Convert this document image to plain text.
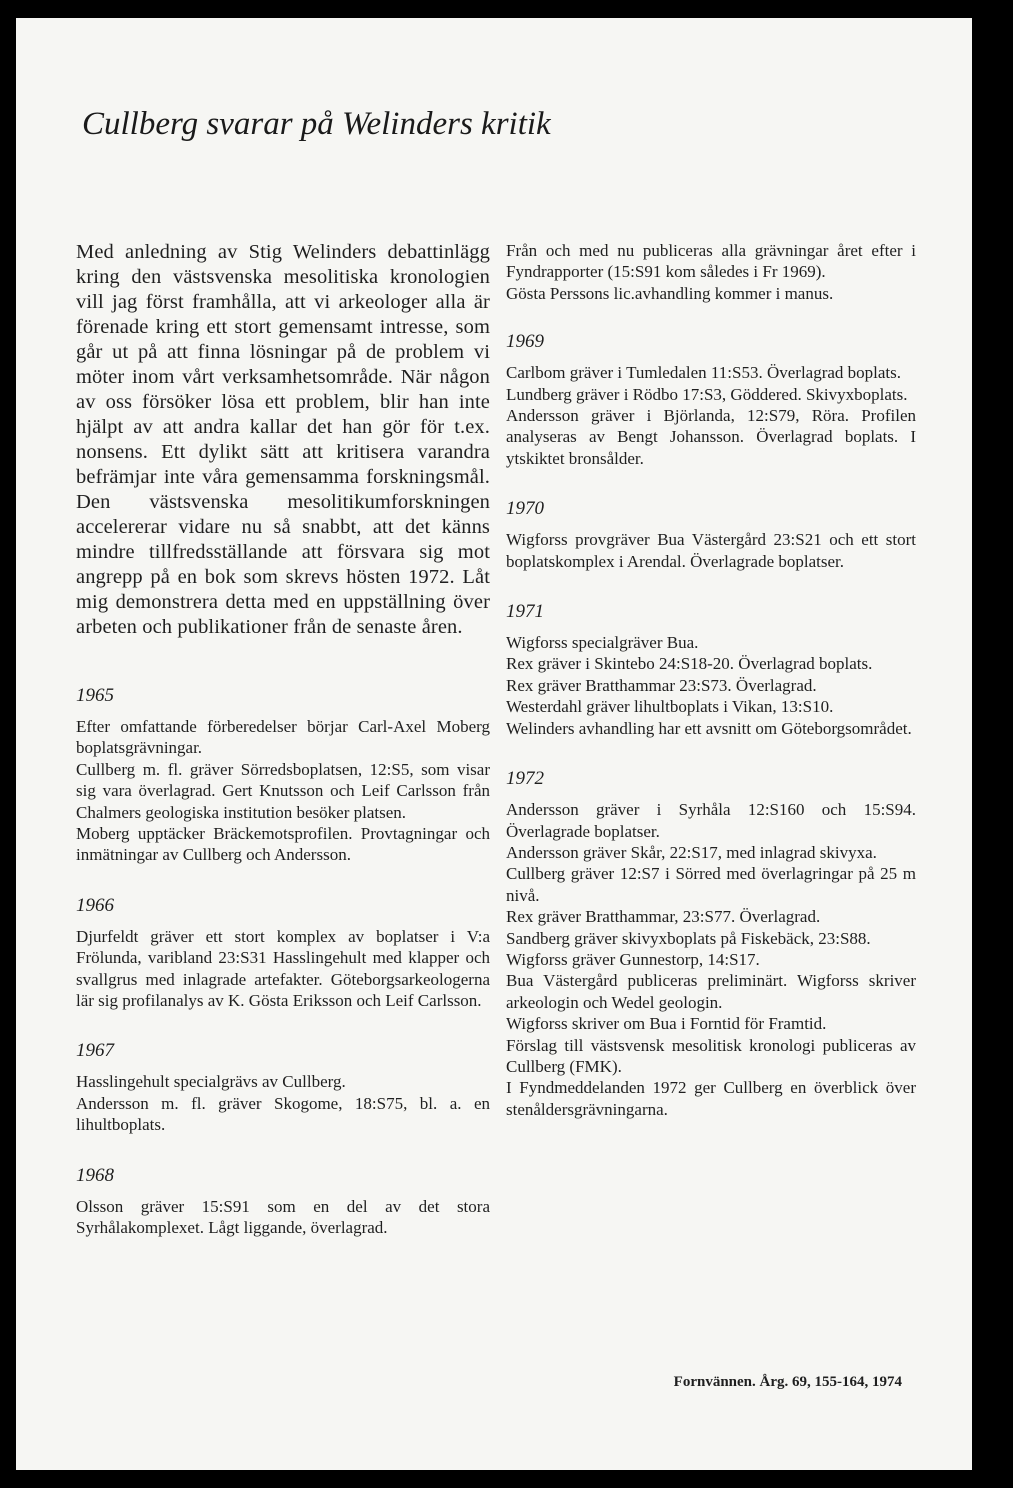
Cullberg svarar på Welinders kritik

Med anledning av Stig Welinders debattinlägg kring den västsvenska mesolitiska kronologien vill jag först framhålla, att vi arkeologer alla är förenade kring ett stort gemensamt intresse, som går ut på att finna lösningar på de problem vi möter inom vårt verksamhetsområde. När någon av oss försöker lösa ett problem, blir han inte hjälpt av att andra kallar det han gör för t.ex. nonsens. Ett dylikt sätt att kritisera varandra befrämjar inte våra gemensamma forskningsmål. Den västsvenska mesolitikumforskningen accelererar vidare nu så snabbt, att det känns mindre tillfredsställande att försvara sig mot angrepp på en bok som skrevs hösten 1972. Låt mig demonstrera detta med en uppställning över arbeten och publikationer från de senaste åren.

1965

Efter omfattande förberedelser börjar Carl-Axel Moberg boplatsgrävningar.

Cullberg m. fl. gräver Sörredsboplatsen, 12:S5, som visar sig vara överlagrad. Gert Knutsson och Leif Carlsson från Chalmers geologiska institution besöker platsen.

Moberg upptäcker Bräckemotsprofilen. Provtagningar och inmätningar av Cullberg och Andersson.

1966

Djurfeldt gräver ett stort komplex av boplatser i V:a Frölunda, varibland 23:S31 Hasslingehult med klapper och svallgrus med inlagrade artefakter. Göteborgsarkeologerna lär sig profilanalys av K. Gösta Eriksson och Leif Carlsson.

1967

Hasslingehult specialgrävs av Cullberg.

Andersson m. fl. gräver Skogome, 18:S75, bl. a. en lihultboplats.

1968

Olsson gräver 15:S91 som en del av det stora Syrhålakomplexet. Lågt liggande, överlagrad.

Från och med nu publiceras alla grävningar året efter i Fyndrapporter (15:S91 kom således i Fr 1969).

Gösta Perssons lic.avhandling kommer i manus.

1969

Carlbom gräver i Tumledalen 11:S53. Överlagrad boplats.

Lundberg gräver i Rödbo 17:S3, Göddered. Skivyxboplats.

Andersson gräver i Björlanda, 12:S79, Röra. Profilen analyseras av Bengt Johansson. Överlagrad boplats. I ytskiktet bronsålder.

1970

Wigforss provgräver Bua Västergård 23:S21 och ett stort boplatskomplex i Arendal. Överlagrade boplatser.

1971

Wigforss specialgräver Bua.

Rex gräver i Skintebo 24:S18-20. Överlagrad boplats.

Rex gräver Bratthammar 23:S73. Överlagrad.

Westerdahl gräver lihultboplats i Vikan, 13:S10.

Welinders avhandling har ett avsnitt om Göteborgsområdet.

1972

Andersson gräver i Syrhåla 12:S160 och 15:S94. Överlagrade boplatser.

Andersson gräver Skår, 22:S17, med inlagrad skivyxa.

Cullberg gräver 12:S7 i Sörred med överlagringar på 25 m nivå.

Rex gräver Bratthammar, 23:S77. Överlagrad.

Sandberg gräver skivyxboplats på Fiskebäck, 23:S88.

Wigforss gräver Gunnestorp, 14:S17.

Bua Västergård publiceras preliminärt. Wigforss skriver arkeologin och Wedel geologin.

Wigforss skriver om Bua i Forntid för Framtid.

Förslag till västsvensk mesolitisk kronologi publiceras av Cullberg (FMK).

I Fyndmeddelanden 1972 ger Cullberg en överblick över stenåldersgrävningarna.

Fornvännen. Årg. 69, 155-164, 1974
